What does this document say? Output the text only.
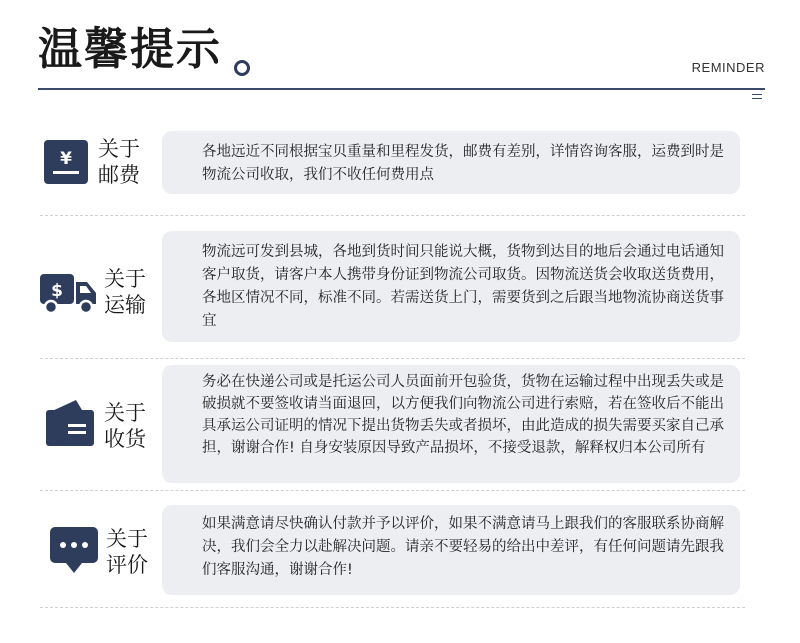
温馨提示	REMINDER
¥ 关于
邮费
各地远近不同根据宝贝重量和里程发货，邮费有差别，详情咨询客服，运费到时是物流公司收取，我们不收任何费用点
$ 关于
运输
物流远可发到县城，各地到货时间只能说大概，货物到达目的地后会通过电话通知客户取货，请客户本人携带身份证到物流公司取货。因物流送货会收取送货费用，各地区情况不同，标准不同。若需送货上门，需要货到之后跟当地物流协商送货事宜
关于
收货
务必在快递公司或是托运公司人员面前开包验货，货物在运输过程中出现丢失或是破损就不要签收请当面退回，以方便我们向物流公司进行索赔，若在签收后不能出具承运公司证明的情况下提出货物丢失或者损坏，由此造成的损失需要买家自己承担，谢谢合作! 自身安装原因导致产品损坏，不接受退款，解释权归本公司所有
关于
评价
如果满意请尽快确认付款并予以评价，如果不满意请马上跟我们的客服联系协商解决，我们会全力以赴解决问题。请亲不要轻易的给出中差评，有任何问题请先跟我们客服沟通，谢谢合作!
